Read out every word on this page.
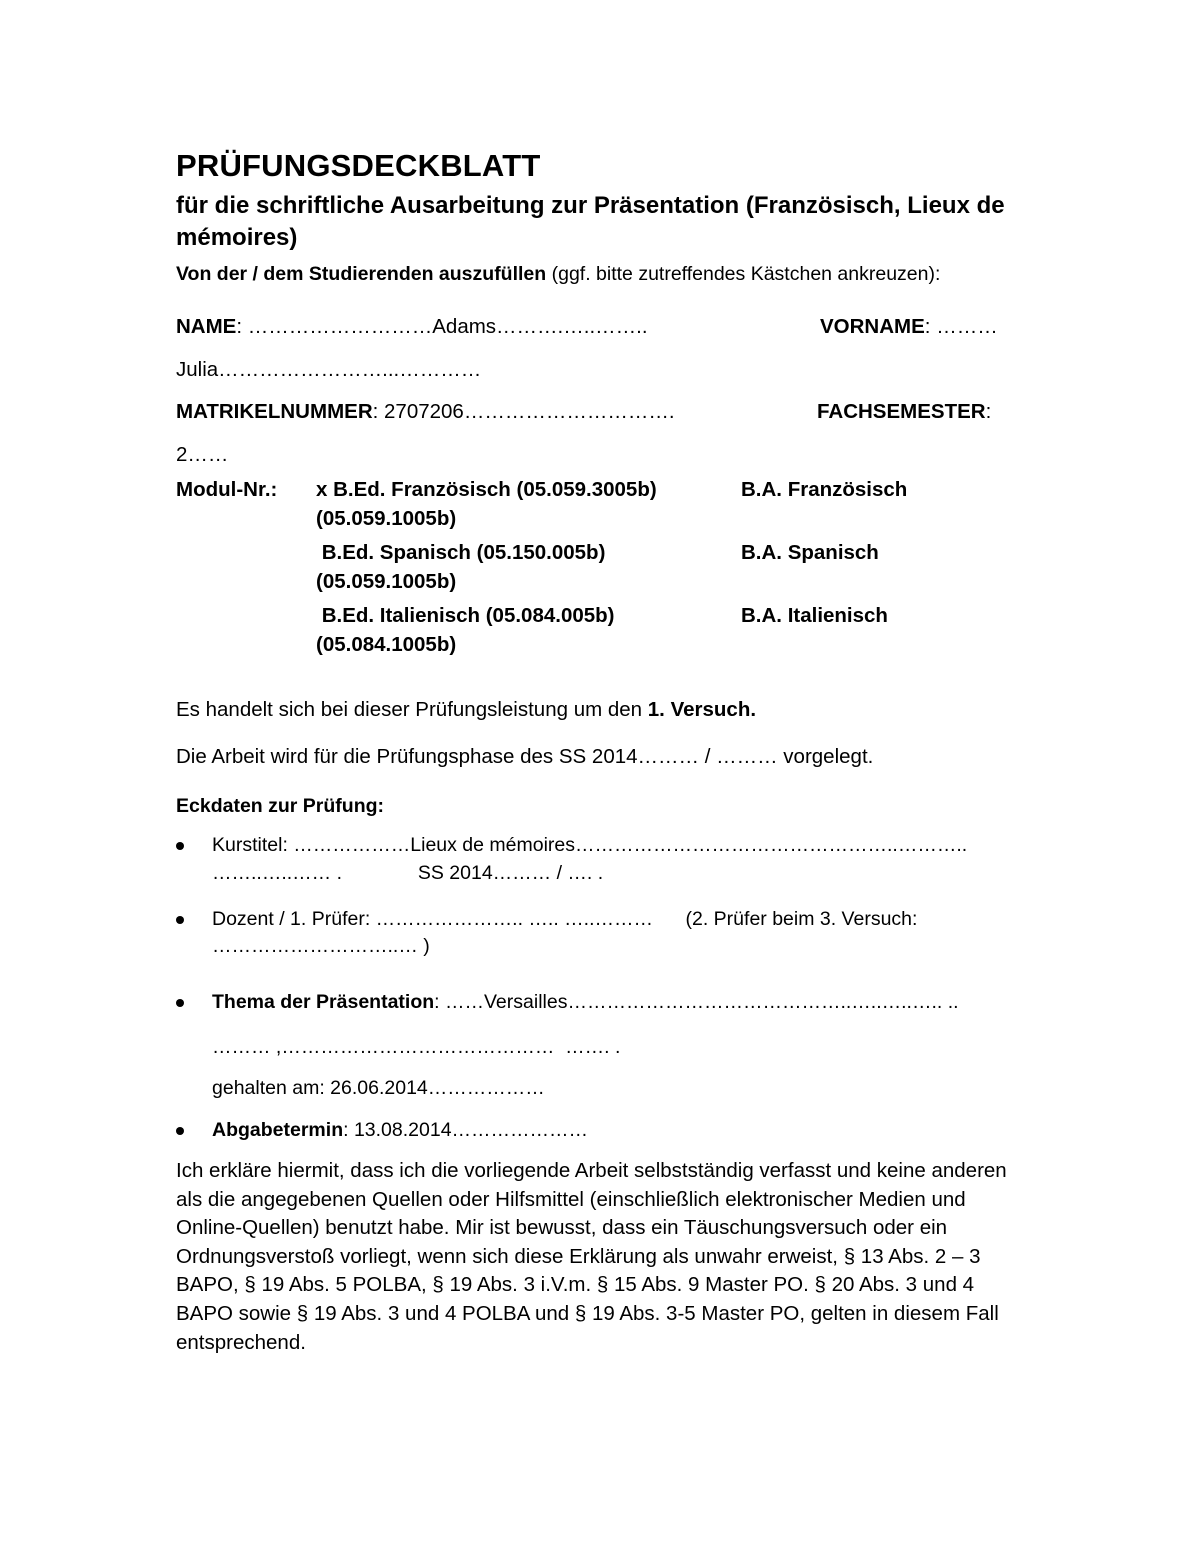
PRÜFUNGSDECKBLATT
für die schriftliche Ausarbeitung zur Präsentation (Französisch, Lieux de mémoires)
Von der / dem Studierenden auszufüllen (ggf. bitte zutreffendes Kästchen ankreuzen):
NAME: ………………………Adams……….…..……..	VORNAME: ………
Julia……………………...…………
MATRIKELNUMMER: 2707206………………………….	FACHSEMESTER:
2……
Modul-Nr.: x B.Ed. Französisch (05.059.3005b)	B.A. Französisch
(05.059.1005b)
B.Ed. Spanisch (05.150.005b)	B.A. Spanisch
(05.059.1005b)
B.Ed. Italienisch (05.084.005b)	B.A. Italienisch
(05.084.1005b)
Es handelt sich bei dieser Prüfungsleistung um den 1. Versuch.
Die Arbeit wird für die Prüfungsphase des SS 2014……… / ……… vorgelegt.
Eckdaten zur Prüfung:
Kurstitel: ………………Lieux de mémoires…………………………………………..………..
……..…..…… .              SS 2014……… / …. .
Dozent / 1. Prüfer: ………………….. ….. …..………      (2. Prüfer beim 3. Versuch:
………………………..… )
Thema der Präsentation: ……Versailles……………………………………..…..…..….. ..
……… ,……………………………………  ……. .
gehalten am: 26.06.2014………………
Abgabetermin: 13.08.2014…………………
Ich erkläre hiermit, dass ich die vorliegende Arbeit selbstständig verfasst und keine anderen als die angegebenen Quellen oder Hilfsmittel (einschließlich elektronischer Medien und Online-Quellen) benutzt habe. Mir ist bewusst, dass ein Täuschungsversuch oder ein Ordnungsverstoß vorliegt, wenn sich diese Erklärung als unwahr erweist, § 13 Abs. 2 – 3 BAPO, § 19 Abs. 5 POLBA, § 19 Abs. 3 i.V.m. § 15 Abs. 9 Master PO. § 20 Abs. 3 und 4 BAPO sowie § 19 Abs. 3 und 4 POLBA und § 19 Abs. 3-5 Master PO, gelten in diesem Fall entsprechend.
